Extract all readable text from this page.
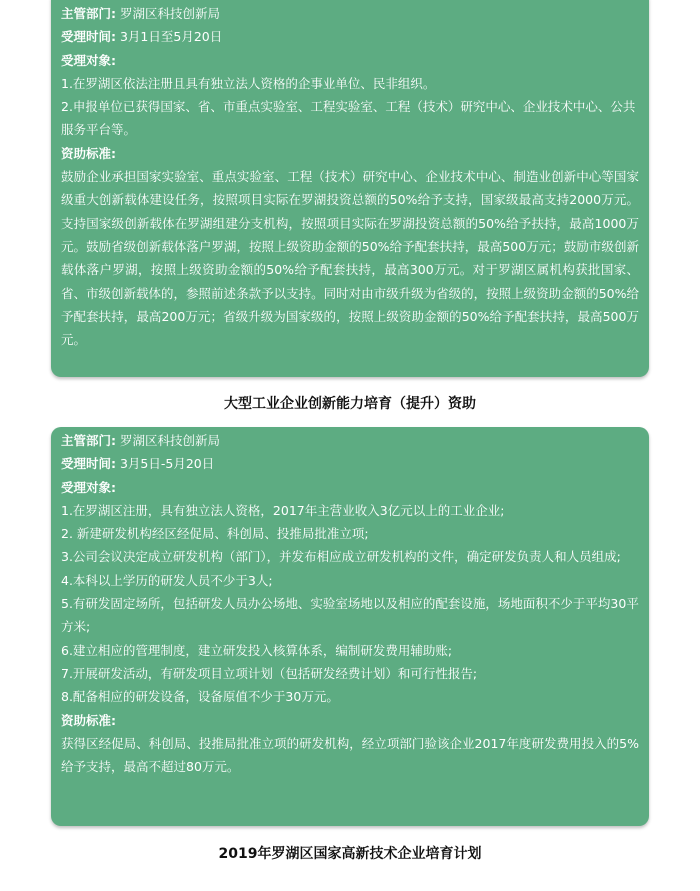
主管部门: 罗湖区科技创新局
受理时间: 3月1日至5月20日
受理对象:
1.在罗湖区依法注册且具有独立法人资格的企事业单位、民非组织。
2.申报单位已获得国家、省、市重点实验室、工程实验室、工程（技术）研究中心、企业技术中心、公共服务平台等。
资助标准:
鼓励企业承担国家实验室、重点实验室、工程（技术）研究中心、企业技术中心、制造业创新中心等国家级重大创新载体建设任务，按照项目实际在罗湖投资总额的50%给予支持，国家级最高支持2000万元。 支持国家级创新载体在罗湖组建分支机构，按照项目实际在罗湖投资总额的50%给予扶持，最高1000万元。鼓励省级创新载体落户罗湖，按照上级资助金额的50%给予配套扶持，最高500万元；鼓励市级创新载体落户罗湖，按照上级资助金额的50%给予配套扶持，最高300万元。对于罗湖区属机构获批国家、省、市级创新载体的，参照前述条款予以支持。同时对由市级升级为省级的，按照上级资助金额的50%给予配套扶持，最高200万元；省级升级为国家级的，按照上级资助金额的50%给予配套扶持，最高500万元。
大型工业企业创新能力培育（提升）资助
主管部门: 罗湖区科技创新局
受理时间: 3月5日-5月20日
受理对象:
1.在罗湖区注册，具有独立法人资格，2017年主营业收入3亿元以上的工业企业;
2. 新建研发机构经区经促局、科创局、投推局批准立项;
3.公司会议决定成立研发机构（部门），并发布相应成立研发机构的文件，确定研发负责人和人员组成;
4.本科以上学历的研发人员不少于3人;
5.有研发固定场所，包括研发人员办公场地、实验室场地以及相应的配套设施，场地面积不少于平均30平方米;
6.建立相应的管理制度，建立研发投入核算体系，编制研发费用辅助账;
7.开展研发活动，有研发项目立项计划（包括研发经费计划）和可行性报告;
8.配备相应的研发设备，设备原值不少于30万元。
资助标准:
获得区经促局、科创局、投推局批准立项的研发机构，经立项部门验该企业2017年度研发费用投入的5%给予支持，最高不超过80万元。
2019年罗湖区国家高新技术企业培育计划
